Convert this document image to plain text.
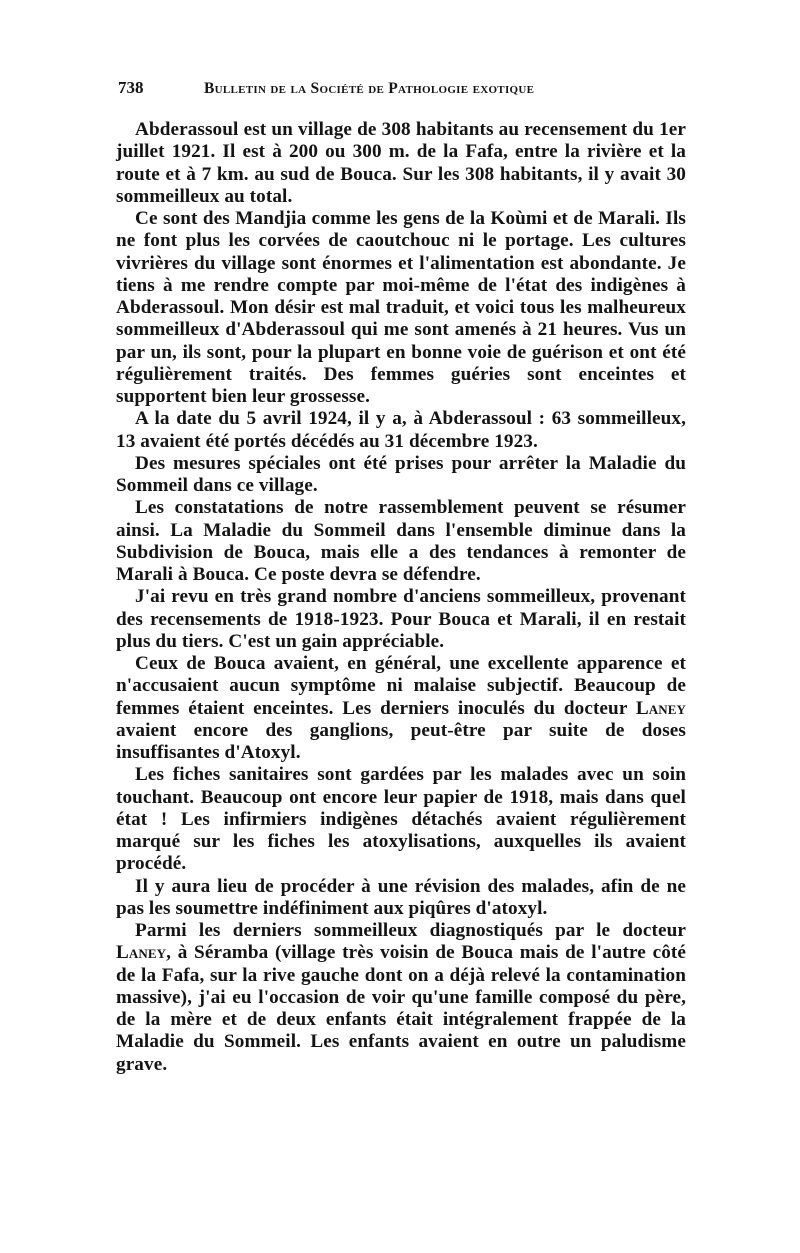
738	Bulletin de la Société de Pathologie exotique

Abderassoul est un village de 308 habitants au recensement du 1er juillet 1921. Il est à 200 ou 300 m. de la Fafa, entre la rivière et la route et à 7 km. au sud de Bouca. Sur les 308 habitants, il y avait 30 sommeilleux au total.

Ce sont des Mandjia comme les gens de la Koùmi et de Marali. Ils ne font plus les corvées de caoutchouc ni le portage. Les cultures vivrières du village sont énormes et l'alimentation est abondante. Je tiens à me rendre compte par moi-même de l'état des indigènes à Abderassoul. Mon désir est mal traduit, et voici tous les malheureux sommeilleux d'Abderassoul qui me sont amenés à 21 heures. Vus un par un, ils sont, pour la plupart en bonne voie de guérison et ont été régulièrement traités. Des femmes guéries sont enceintes et supportent bien leur grossesse.

A la date du 5 avril 1924, il y a, à Abderassoul : 63 sommeilleux, 13 avaient été portés décédés au 31 décembre 1923.

Des mesures spéciales ont été prises pour arrêter la Maladie du Sommeil dans ce village.

Les constatations de notre rassemblement peuvent se résumer ainsi. La Maladie du Sommeil dans l'ensemble diminue dans la Subdivision de Bouca, mais elle a des tendances à remonter de Marali à Bouca. Ce poste devra se défendre.

J'ai revu en très grand nombre d'anciens sommeilleux, provenant des recensements de 1918-1923. Pour Bouca et Marali, il en restait plus du tiers. C'est un gain appréciable.

Ceux de Bouca avaient, en général, une excellente apparence et n'accusaient aucun symptôme ni malaise subjectif. Beaucoup de femmes étaient enceintes. Les derniers inoculés du docteur Laney avaient encore des ganglions, peut-être par suite de doses insuffisantes d'Atoxyl.

Les fiches sanitaires sont gardées par les malades avec un soin touchant. Beaucoup ont encore leur papier de 1918, mais dans quel état ! Les infirmiers indigènes détachés avaient régulièrement marqué sur les fiches les atoxylisations, auxquelles ils avaient procédé.

Il y aura lieu de procéder à une révision des malades, afin de ne pas les soumettre indéfiniment aux piqûres d'atoxyl.

Parmi les derniers sommeilleux diagnostiqués par le docteur Laney, à Séramba (village très voisin de Bouca mais de l'autre côté de la Fafa, sur la rive gauche dont on a déjà relevé la contamination massive), j'ai eu l'occasion de voir qu'une famille composé du père, de la mère et de deux enfants était intégralement frappée de la Maladie du Sommeil. Les enfants avaient en outre un paludisme grave.
